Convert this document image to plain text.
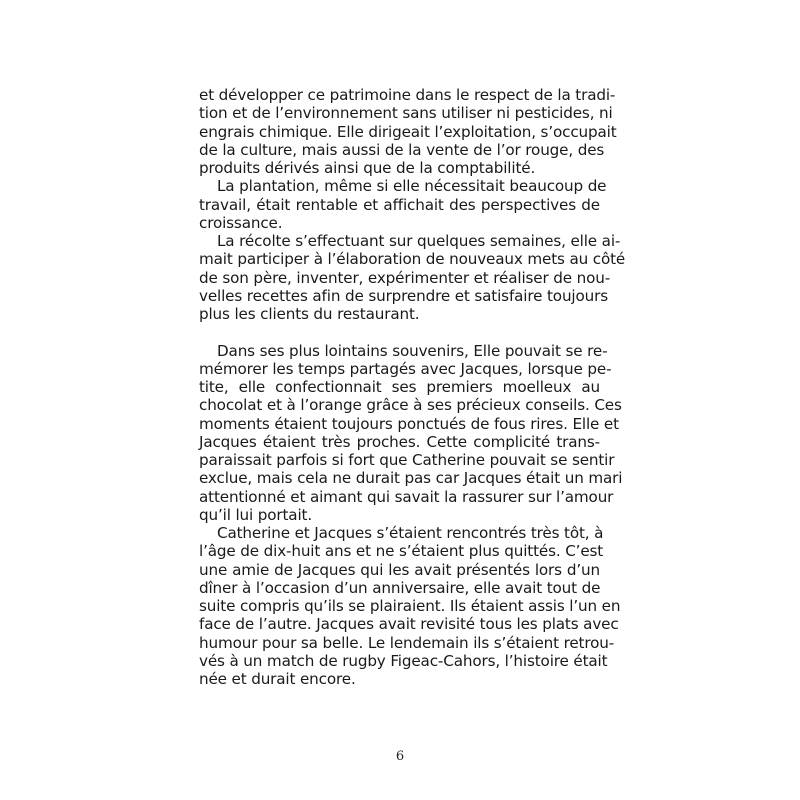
et développer ce patrimoine dans le respect de la tradi-
tion et de l’environnement sans utiliser ni pesticides, ni
engrais chimique. Elle dirigeait l’exploitation, s’occupait
de la culture, mais aussi de la vente de l’or rouge, des
produits dérivés ainsi que de la comptabilité.
La plantation, même si elle nécessitait beaucoup de
travail, était rentable et affichait des perspectives de
croissance.
La récolte s’effectuant sur quelques semaines, elle ai-
mait participer à l’élaboration de nouveaux mets au côté
de son père, inventer, expérimenter et réaliser de nou-
velles recettes afin de surprendre et satisfaire toujours
plus les clients du restaurant.
Dans ses plus lointains souvenirs, Elle pouvait se re-
mémorer les temps partagés avec Jacques, lorsque pe-
tite, elle confectionnait ses premiers moelleux au
chocolat et à l’orange grâce à ses précieux conseils. Ces
moments étaient toujours ponctués de fous rires. Elle et
Jacques étaient très proches. Cette complicité trans-
paraissait parfois si fort que Catherine pouvait se sentir
exclue, mais cela ne durait pas car Jacques était un mari
attentionné et aimant qui savait la rassurer sur l’amour
qu’il lui portait.
Catherine et Jacques s’étaient rencontrés très tôt, à
l’âge de dix-huit ans et ne s’étaient plus quittés. C’est
une amie de Jacques qui les avait présentés lors d’un
dîner à l’occasion d’un anniversaire, elle avait tout de
suite compris qu’ils se plairaient. Ils étaient assis l’un en
face de l’autre. Jacques avait revisité tous les plats avec
humour pour sa belle. Le lendemain ils s’étaient retrou-
vés à un match de rugby Figeac-Cahors, l’histoire était
née et durait encore.
6
